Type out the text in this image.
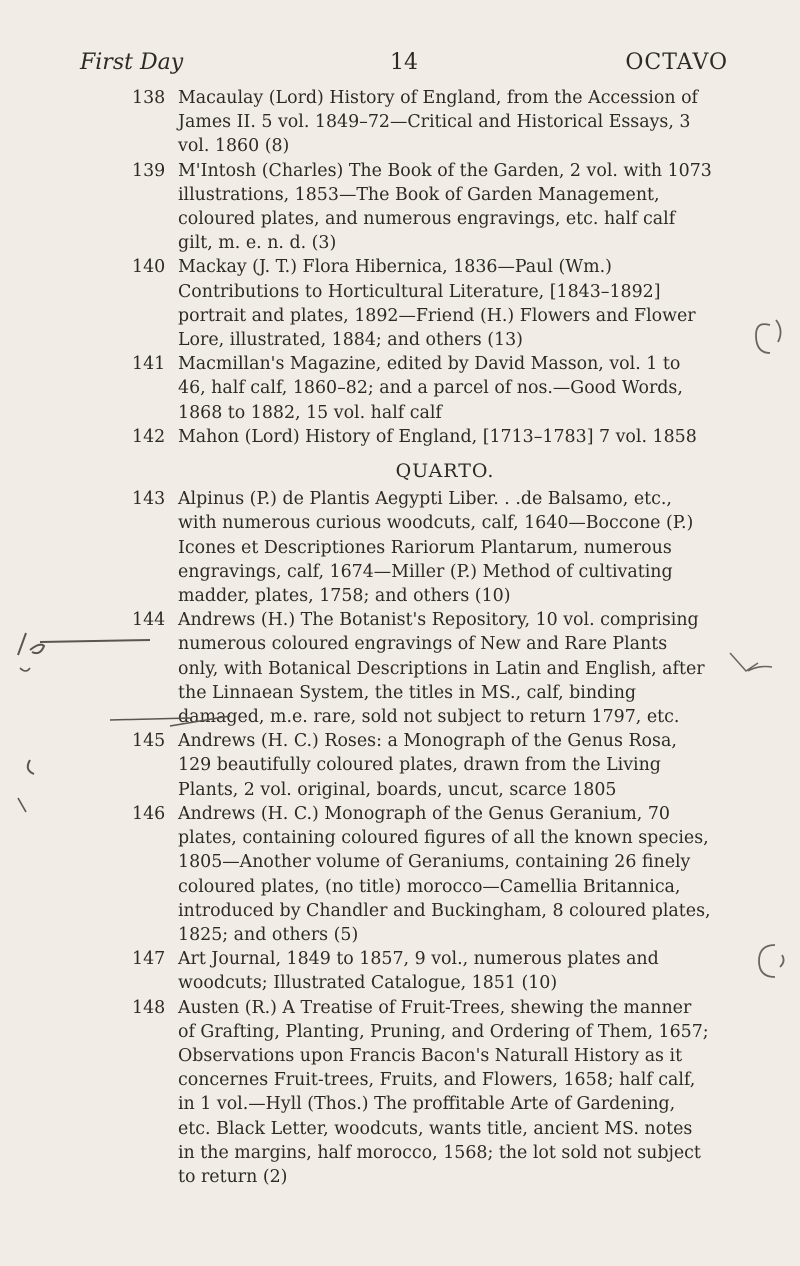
First Day	14	OCTAVO

138 Macaulay (Lord) History of England, from the Accession of James II. 5 vol. 1849–72—Critical and Historical Essays, 3 vol. 1860 (8)

139 M'Intosh (Charles) The Book of the Garden, 2 vol. with 1073 illustrations, 1853—The Book of Garden Management, coloured plates, and numerous engravings, etc. half calf gilt, m. e. n. d. (3)

140 Mackay (J. T.) Flora Hibernica, 1836—Paul (Wm.) Contributions to Horticultural Literature, [1843–1892] portrait and plates, 1892—Friend (H.) Flowers and Flower Lore, illustrated, 1884; and others (13)

141 Macmillan's Magazine, edited by David Masson, vol. 1 to 46, half calf, 1860–82; and a parcel of nos.—Good Words, 1868 to 1882, 15 vol. half calf

142 Mahon (Lord) History of England, [1713–1783] 7 vol. 1858

QUARTO.

143 Alpinus (P.) de Plantis Aegypti Liber. . .de Balsamo, etc., with numerous curious woodcuts, calf, 1640—Boccone (P.) Icones et Descriptiones Rariorum Plantarum, numerous engravings, calf, 1674—Miller (P.) Method of cultivating madder, plates, 1758; and others (10)

144 Andrews (H.) The Botanist's Repository, 10 vol. comprising numerous coloured engravings of New and Rare Plants only, with Botanical Descriptions in Latin and English, after the Linnaean System, the titles in MS., calf, binding damaged, m.e. rare, sold not subject to return 1797, etc.

145 Andrews (H. C.) Roses: a Monograph of the Genus Rosa, 129 beautifully coloured plates, drawn from the Living Plants, 2 vol. original, boards, uncut, scarce 1805

146 Andrews (H. C.) Monograph of the Genus Geranium, 70 plates, containing coloured figures of all the known species, 1805—Another volume of Geraniums, containing 26 finely coloured plates, (no title) morocco—Camellia Britannica, introduced by Chandler and Buckingham, 8 coloured plates, 1825; and others (5)

147 Art Journal, 1849 to 1857, 9 vol., numerous plates and woodcuts; Illustrated Catalogue, 1851 (10)

148 Austen (R.) A Treatise of Fruit-Trees, shewing the manner of Grafting, Planting, Pruning, and Ordering of Them, 1657; Observations upon Francis Bacon's Naturall History as it concernes Fruit-trees, Fruits, and Flowers, 1658; half calf, in 1 vol.—Hyll (Thos.) The proffitable Arte of Gardening, etc. Black Letter, woodcuts, wants title, ancient MS. notes in the margins, half morocco, 1568; the lot sold not subject to return (2)
